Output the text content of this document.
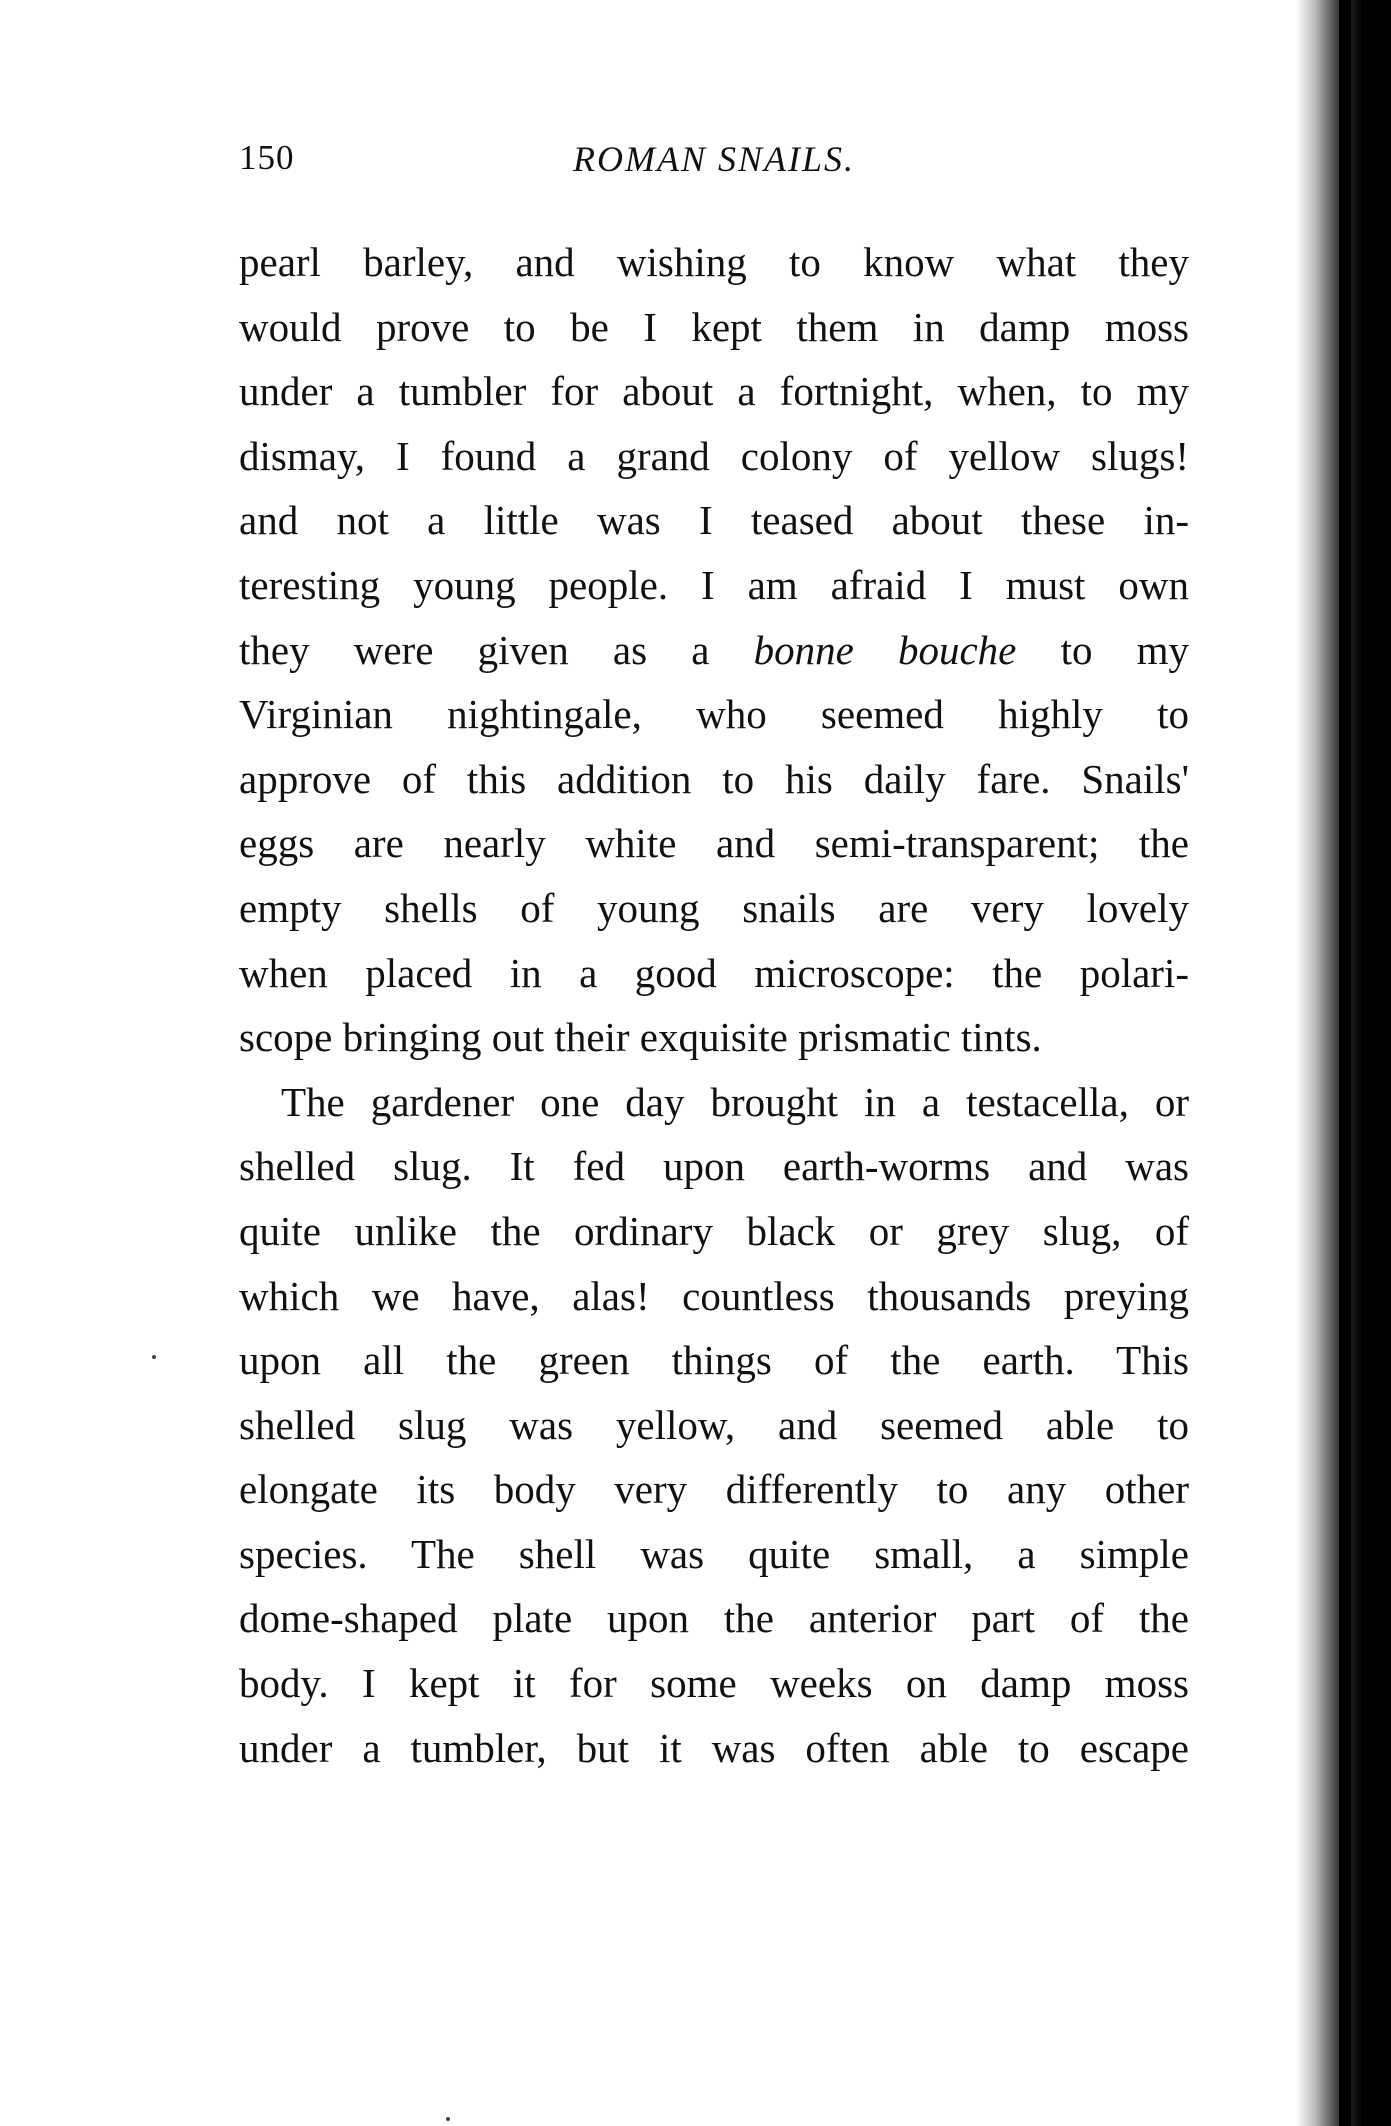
150	ROMAN SNAILS.
pearl barley, and wishing to know what they
would prove to be I kept them in damp moss
under a tumbler for about a fortnight, when, to my
dismay, I found a grand colony of yellow slugs!
and not a little was I teased about these in-
teresting young people. I am afraid I must own
they were given as a bonne bouche to my
Virginian nightingale, who seemed highly to
approve of this addition to his daily fare. Snails'
eggs are nearly white and semi-transparent; the
empty shells of young snails are very lovely
when placed in a good microscope: the polari-
scope bringing out their exquisite prismatic tints.
The gardener one day brought in a testacella, or
shelled slug. It fed upon earth-worms and was
quite unlike the ordinary black or grey slug, of
which we have, alas! countless thousands preying
upon all the green things of the earth. This
shelled slug was yellow, and seemed able to
elongate its body very differently to any other
species. The shell was quite small, a simple
dome-shaped plate upon the anterior part of the
body. I kept it for some weeks on damp moss
under a tumbler, but it was often able to escape
